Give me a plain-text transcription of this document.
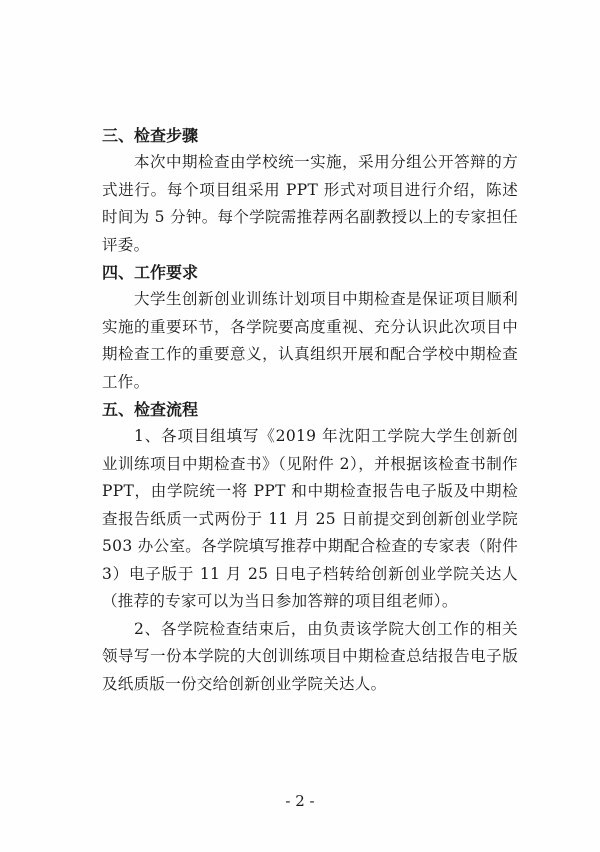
三、检查步骤

本次中期检查由学校统一实施，采用分组公开答辩的方式进行。每个项目组采用 PPT 形式对项目进行介绍，陈述时间为 5 分钟。每个学院需推荐两名副教授以上的专家担任评委。

四、工作要求

大学生创新创业训练计划项目中期检查是保证项目顺利实施的重要环节，各学院要高度重视、充分认识此次项目中期检查工作的重要意义，认真组织开展和配合学校中期检查工作。

五、检查流程

1、各项目组填写《2019 年沈阳工学院大学生创新创业训练项目中期检查书》（见附件 2），并根据该检查书制作 PPT，由学院统一将 PPT 和中期检查报告电子版及中期检查报告纸质一式两份于 11 月 25 日前提交到创新创业学院 503 办公室。各学院填写推荐中期配合检查的专家表（附件 3）电子版于 11 月 25 日电子档转给创新创业学院关达人（推荐的专家可以为当日参加答辩的项目组老师）。

2、各学院检查结束后，由负责该学院大创工作的相关领导写一份本学院的大创训练项目中期检查总结报告电子版及纸质版一份交给创新创业学院关达人。

- 2 -
